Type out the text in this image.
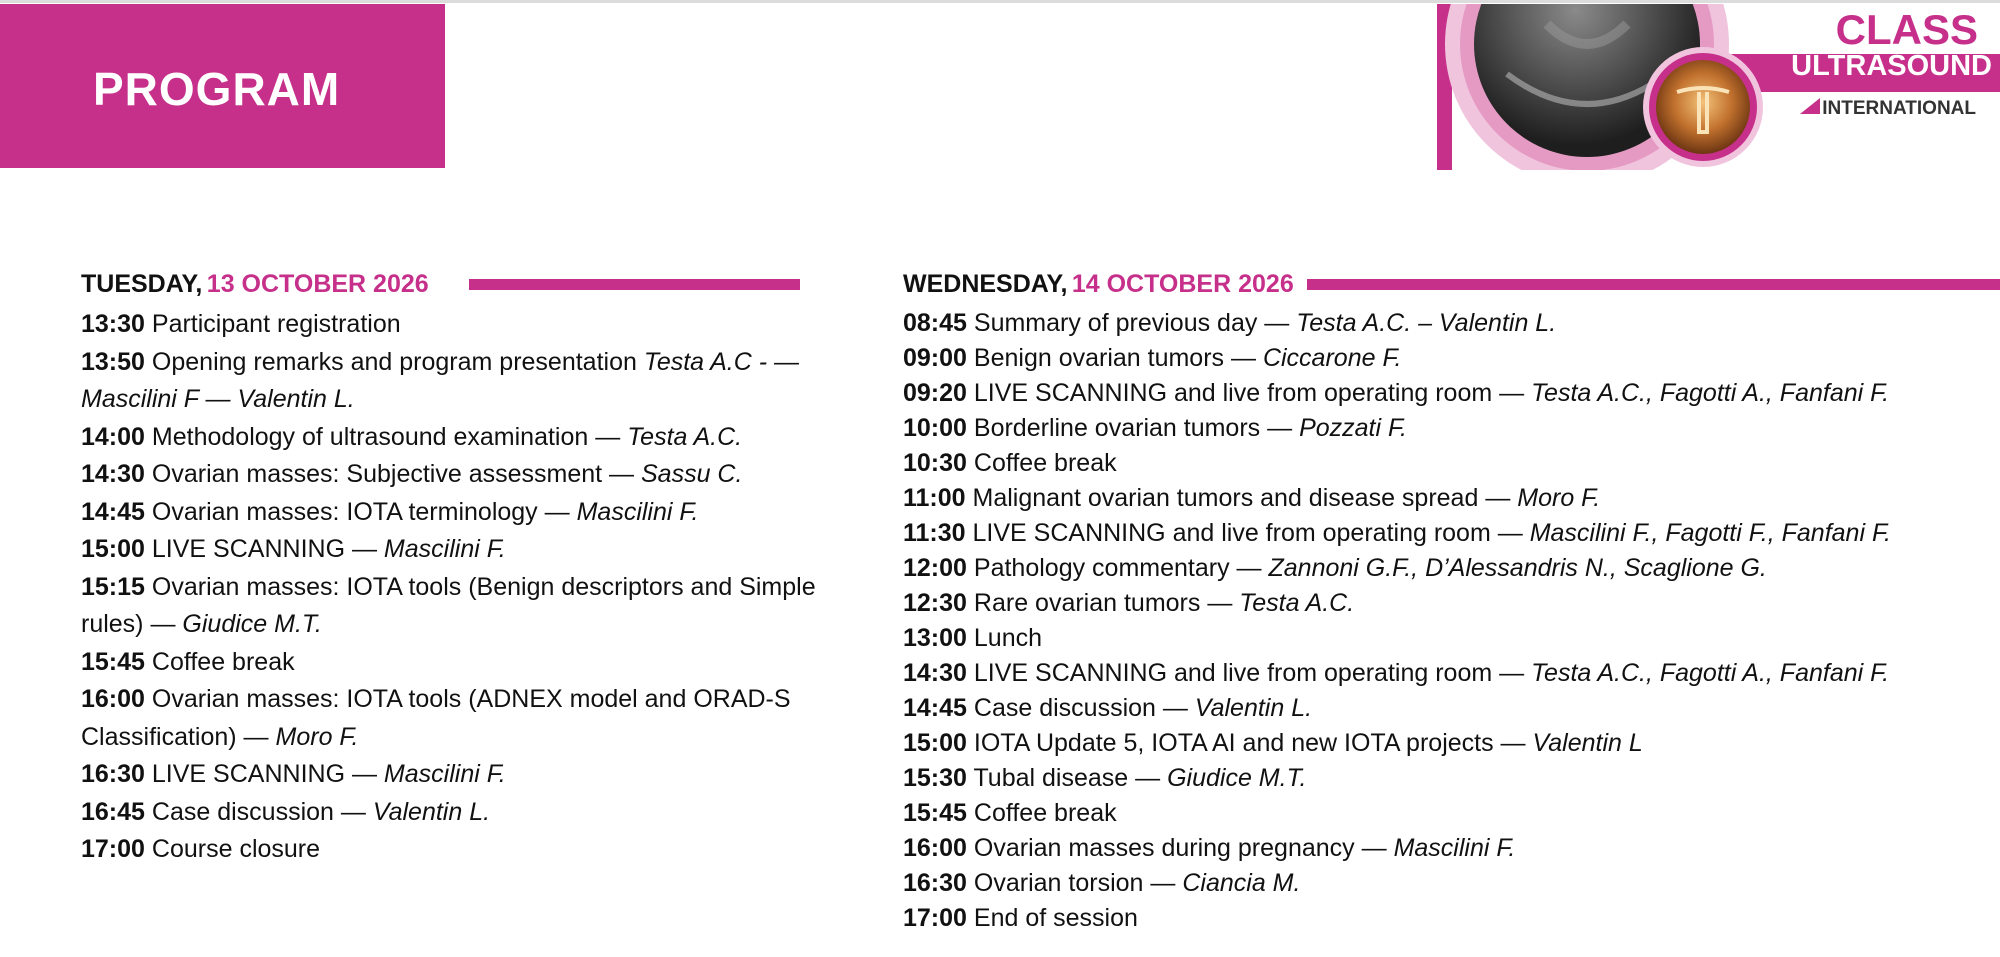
PROGRAM

CLASS

ULTRASOUND

INTERNATIONAL

TUESDAY, 13 OCTOBER 2026
13:30 Participant registration
13:50 Opening remarks and program presentation Testa A.C - — Mascilini F — Valentin L.
14:00 Methodology of ultrasound examination — Testa A.C.
14:30 Ovarian masses: Subjective assessment — Sassu C.
14:45 Ovarian masses: IOTA terminology — Mascilini F.
15:00 LIVE SCANNING — Mascilini F.
15:15 Ovarian masses: IOTA tools (Benign descriptors and Simple rules) — Giudice M.T.
15:45 Coffee break
16:00 Ovarian masses: IOTA tools (ADNEX model and ORAD-S Classification) — Moro F.
16:30 LIVE SCANNING — Mascilini F.
16:45 Case discussion — Valentin L.
17:00 Course closure
WEDNESDAY, 14 OCTOBER 2026
08:45 Summary of previous day — Testa A.C. – Valentin L.
09:00 Benign ovarian tumors — Ciccarone F.
09:20 LIVE SCANNING and live from operating room — Testa A.C., Fagotti A., Fanfani F.
10:00 Borderline ovarian tumors — Pozzati F.
10:30 Coffee break
11:00 Malignant ovarian tumors and disease spread — Moro F.
11:30 LIVE SCANNING and live from operating room — Mascilini F., Fagotti F., Fanfani F.
12:00 Pathology commentary — Zannoni G.F., D’Alessandris N., Scaglione G.
12:30 Rare ovarian tumors — Testa A.C.
13:00 Lunch
14:30 LIVE SCANNING and live from operating room — Testa A.C., Fagotti A., Fanfani F.
14:45 Case discussion — Valentin L.
15:00 IOTA Update 5, IOTA AI and new IOTA projects — Valentin L
15:30 Tubal disease — Giudice M.T.
15:45 Coffee break
16:00 Ovarian masses during pregnancy — Mascilini F.
16:30 Ovarian torsion — Ciancia M.
17:00 End of session
